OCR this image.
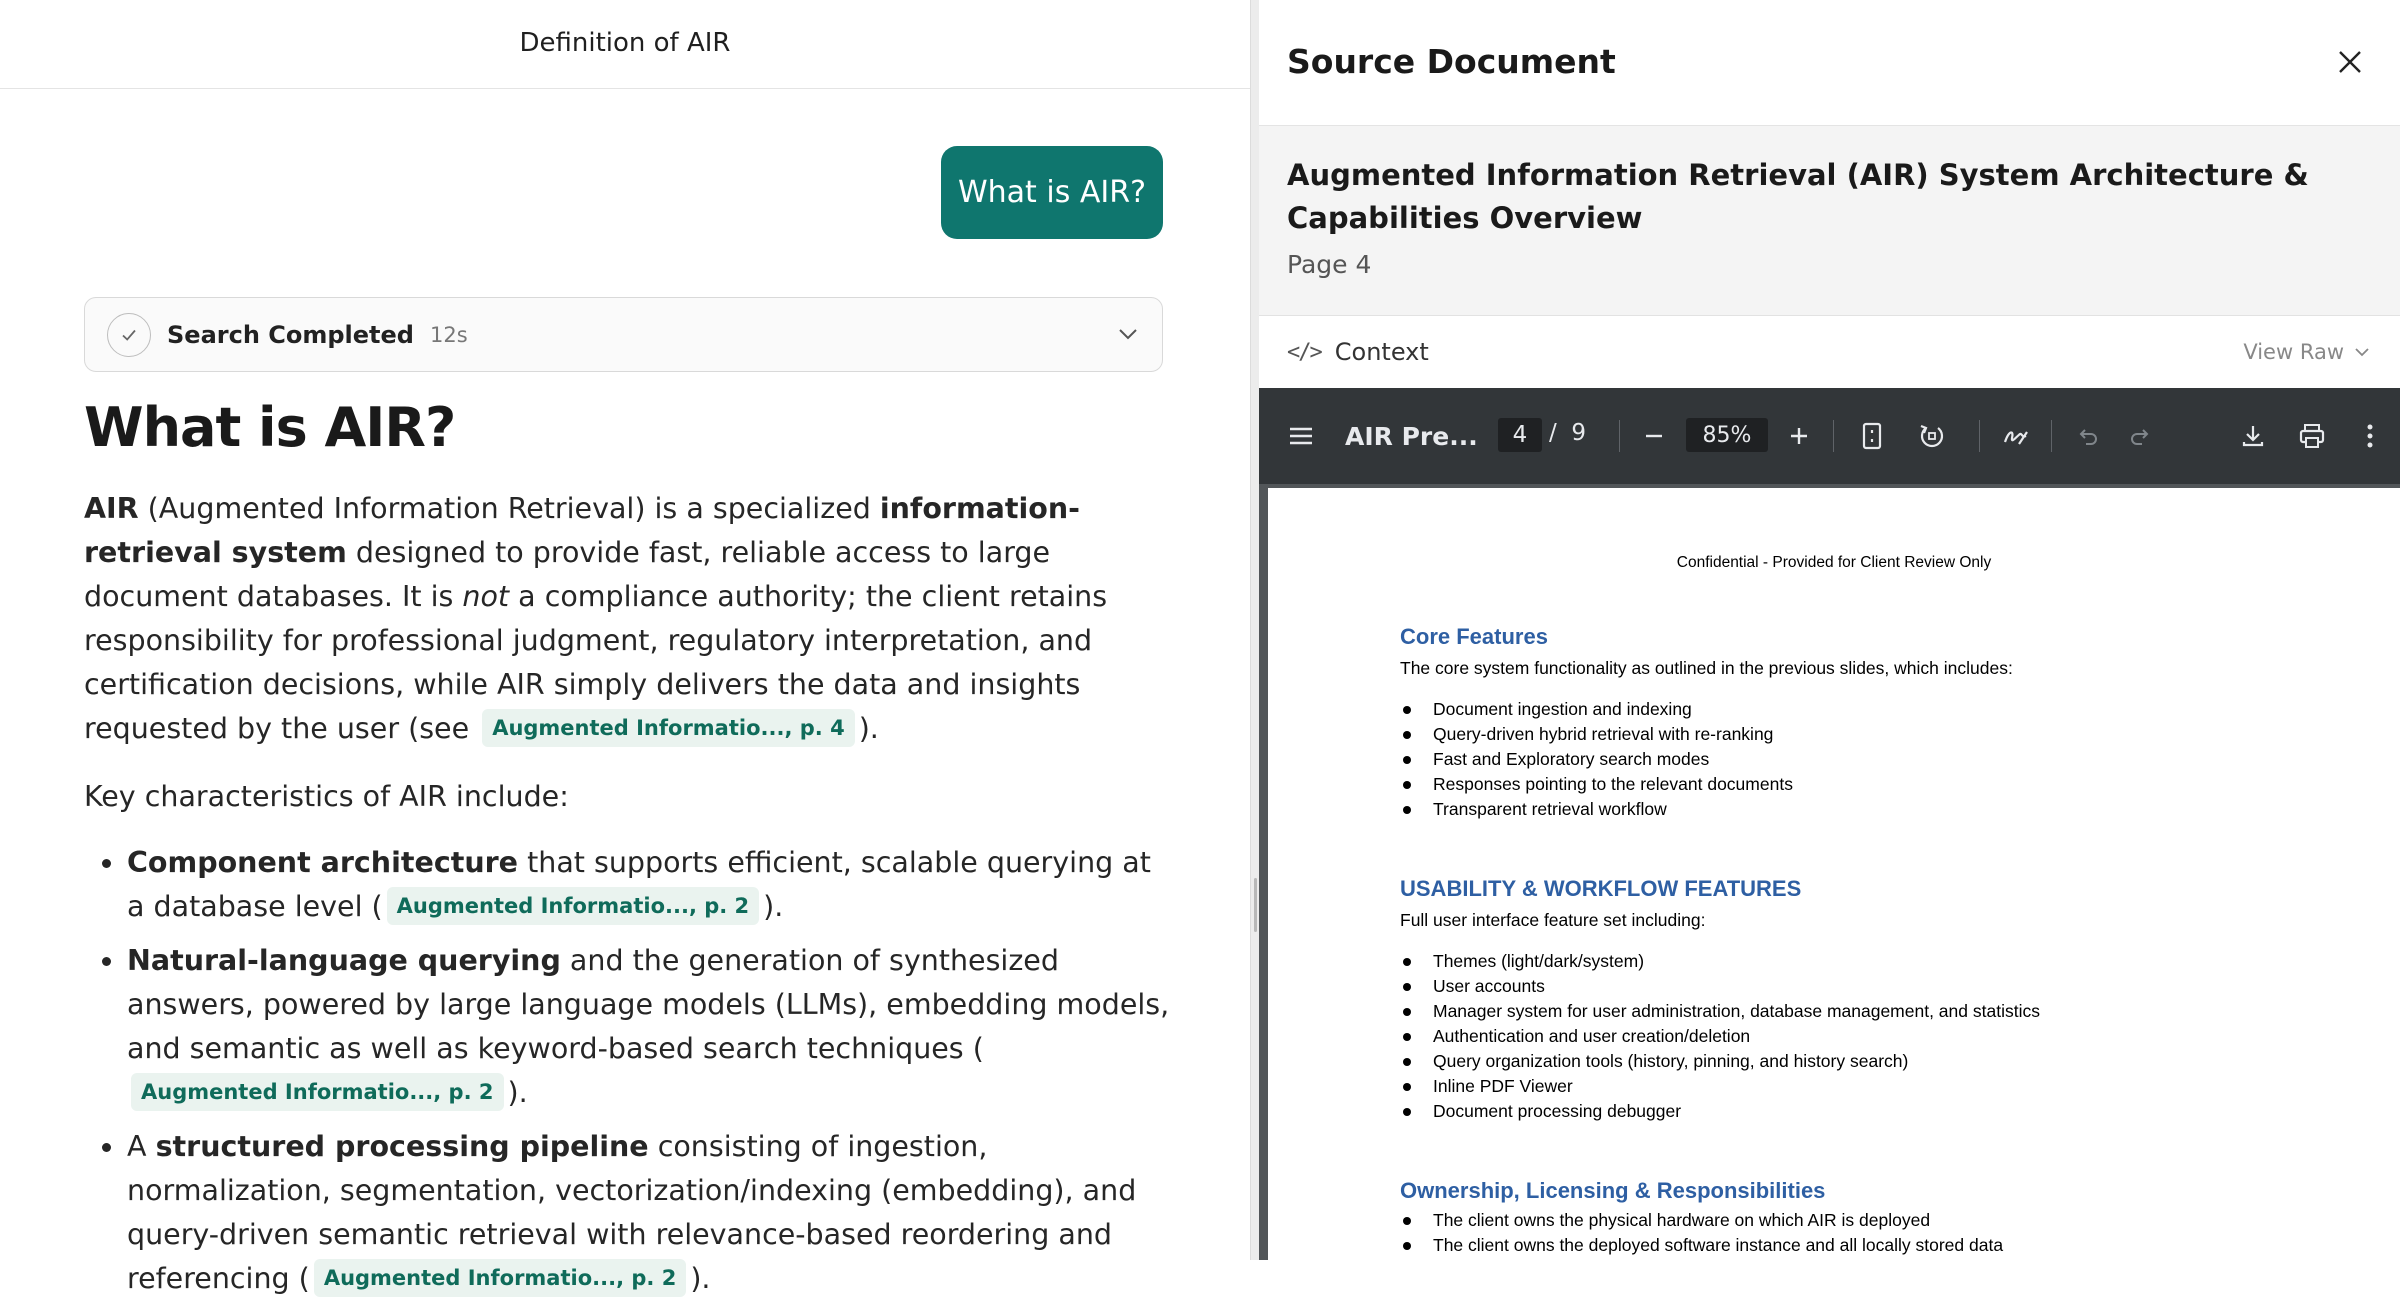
Definition of AIR
What is AIR?
Search Completed 12s
What is AIR?

AIR (Augmented Information Retrieval) is a specialized information-retrieval system designed to provide fast, reliable access to large document databases. It is not a compliance authority; the client retains responsibility for professional judgment, regulatory interpretation, and certification decisions, while AIR simply delivers the data and insights requested by the user (see Augmented Informatio..., p. 4 ).

Key characteristics of AIR include:

Component architecture that supports efficient, scalable querying at a database level ( Augmented Informatio..., p. 2 ).
Natural-language querying and the generation of synthesized answers, powered by large language models (LLMs), embedding models, and semantic as well as keyword-based search techniques (Augmented Informatio..., p. 2 ).
A structured processing pipeline consisting of ingestion, normalization, segmentation, vectorization/indexing (embedding), and query-driven semantic retrieval with relevance-based reordering and referencing ( Augmented Informatio..., p. 2 ).
Source Document
Augmented Information Retrieval (AIR) System Architecture & Capabilities Overview
Page 4
</> Context	View Raw
AIR Pre...	4 / 9	85%
Confidential - Provided for Client Review Only
Core Features
The core system functionality as outlined in the previous slides, which includes:
Document ingestion and indexing
Query-driven hybrid retrieval with re-ranking
Fast and Exploratory search modes
Responses pointing to the relevant documents
Transparent retrieval workflow
USABILITY & WORKFLOW FEATURES
Full user interface feature set including:
Themes (light/dark/system)
User accounts
Manager system for user administration, database management, and statistics
Authentication and user creation/deletion
Query organization tools (history, pinning, and history search)
Inline PDF Viewer
Document processing debugger
Ownership, Licensing & Responsibilities
The client owns the physical hardware on which AIR is deployed
The client owns the deployed software instance and all locally stored data
